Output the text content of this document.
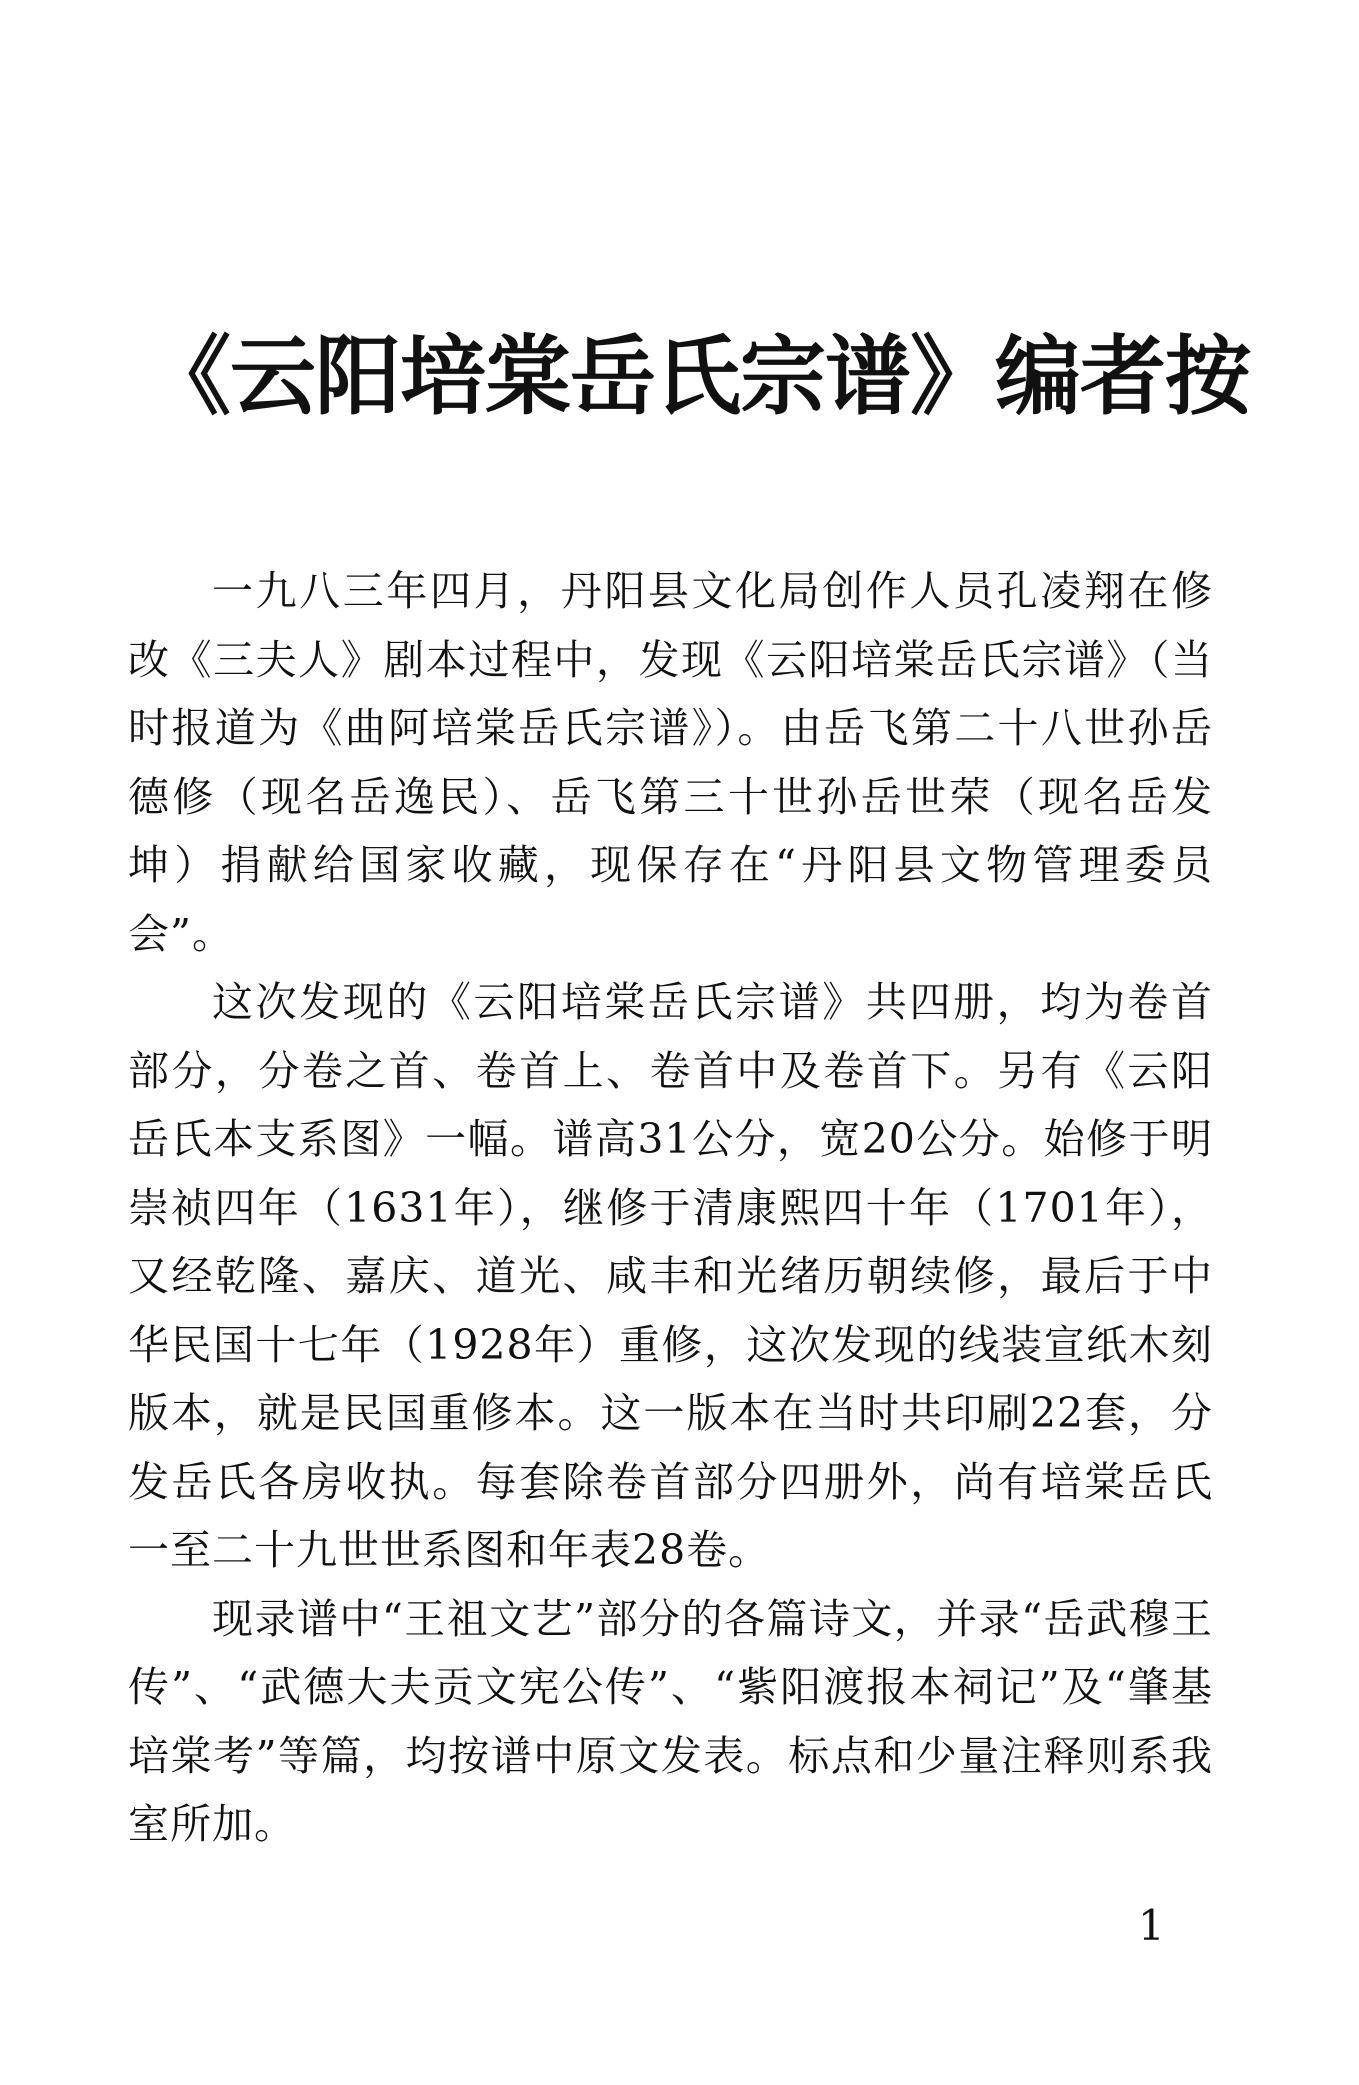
《云阳培棠岳氏宗谱》编者按

一九八三年四月，丹阳县文化局创作人员孔凌翔在修改《三夫人》剧本过程中，发现《云阳培棠岳氏宗谱》（当时报道为《曲阿培棠岳氏宗谱》）。由岳飞第二十八世孙岳德修（现名岳逸民）、岳飞第三十世孙岳世荣（现名岳发坤）捐献给国家收藏，现保存在“丹阳县文物管理委员会”。

这次发现的《云阳培棠岳氏宗谱》共四册，均为卷首部分，分卷之首、卷首上、卷首中及卷首下。另有《云阳岳氏本支系图》一幅。谱高31公分，宽20公分。始修于明崇祯四年（1631年），继修于清康熙四十年（1701年），又经乾隆、嘉庆、道光、咸丰和光绪历朝续修，最后于中华民国十七年（1928年）重修，这次发现的线装宣纸木刻版本，就是民国重修本。这一版本在当时共印刷22套，分发岳氏各房收执。每套除卷首部分四册外，尚有培棠岳氏一至二十九世世系图和年表28卷。

现录谱中“王祖文艺”部分的各篇诗文，并录“岳武穆王传”、“武德大夫贡文宪公传”、“紫阳渡报本祠记”及“肇基培棠考”等篇，均按谱中原文发表。标点和少量注释则系我室所加。

1
